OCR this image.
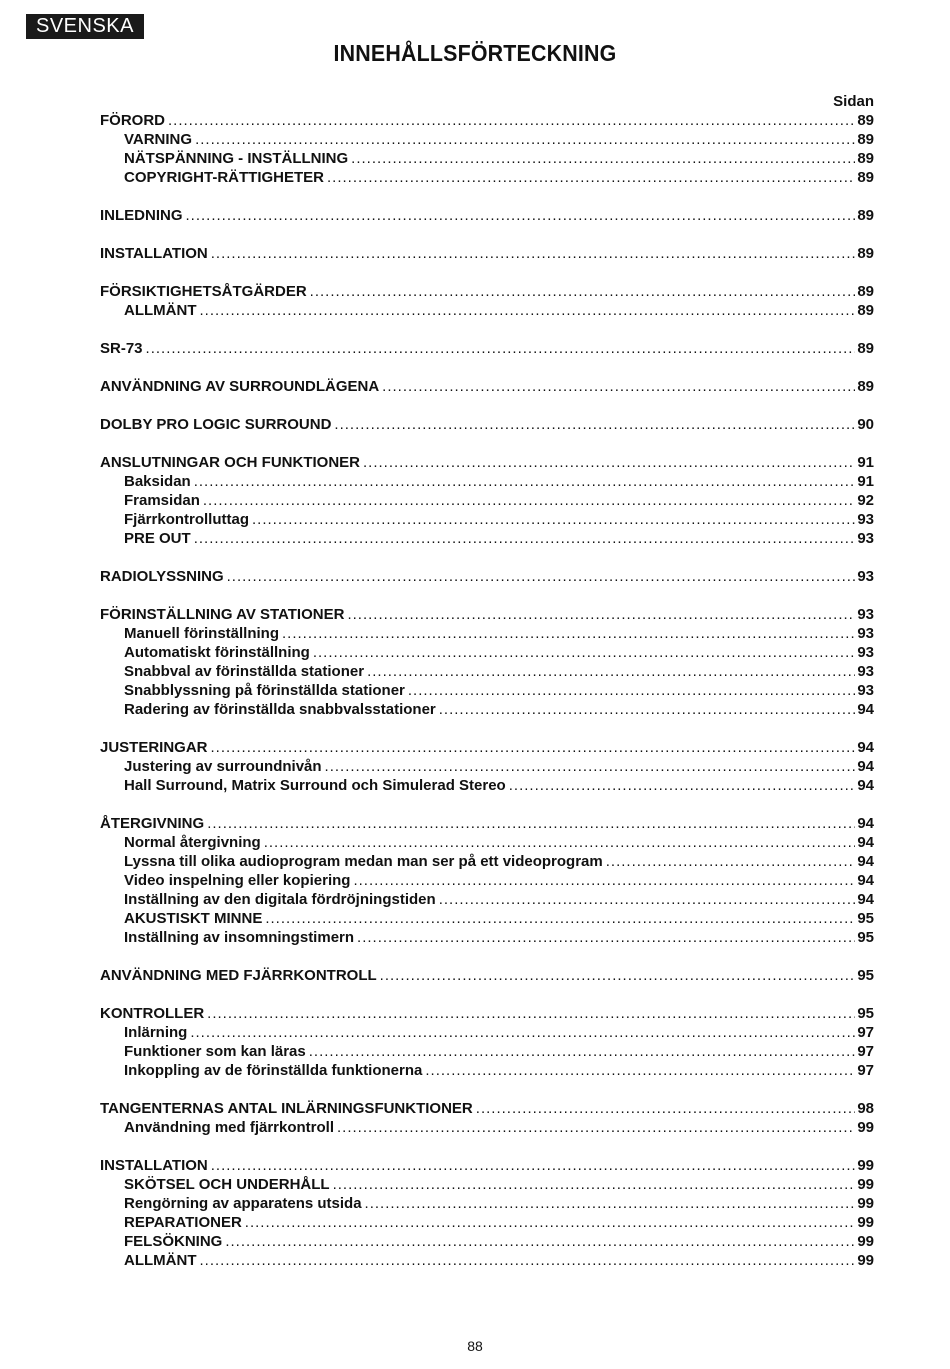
SVENSKA
INNEHÅLLSFÖRTECKNING
Sidan
FÖRORD .....	89
VARNING .....	89
NÄTSPÄNNING - INSTÄLLNING .....	89
COPYRIGHT-RÄTTIGHETER .....	89
INLEDNING .....	89
INSTALLATION .....	89
FÖRSIKTIGHETSÅTGÄRDER .....	89
ALLMÄNT .....	89
SR-73 .....	89
ANVÄNDNING AV SURROUNDLÄGENA .....	89
DOLBY PRO LOGIC SURROUND .....	90
ANSLUTNINGAR OCH FUNKTIONER .....	91
Baksidan .....	91
Framsidan .....	92
Fjärrkontrolluttag .....	93
PRE OUT .....	93
RADIOLYSSNING .....	93
FÖRINSTÄLLNING AV STATIONER .....	93
Manuell förinställning .....	93
Automatiskt förinställning .....	93
Snabbval av förinställda stationer .....	93
Snabblyssning på förinställda stationer .....	93
Radering av förinställda snabbvalsstationer .....	94
JUSTERINGAR .....	94
Justering av surroundnivån .....	94
Hall Surround, Matrix Surround och Simulerad Stereo .....	94
ÅTERGIVNING .....	94
Normal återgivning .....	94
Lyssna till olika audioprogram medan man ser på ett videoprogram .....	94
Video inspelning eller kopiering .....	94
Inställning av den digitala fördröjningstiden .....	94
AKUSTISKT MINNE .....	95
Inställning av insomningstimern .....	95
ANVÄNDNING MED FJÄRRKONTROLL .....	95
KONTROLLER .....	95
Inlärning .....	97
Funktioner som kan läras .....	97
Inkoppling av de förinställda funktionerna .....	97
TANGENTERNAS ANTAL INLÄRNINGSFUNKTIONER .....	98
Användning med fjärrkontroll .....	99
INSTALLATION .....	99
SKÖTSEL OCH UNDERHÅLL .....	99
Rengörning av apparatens utsida .....	99
REPARATIONER .....	99
FELSÖKNING .....	99
ALLMÄNT .....	99
88
